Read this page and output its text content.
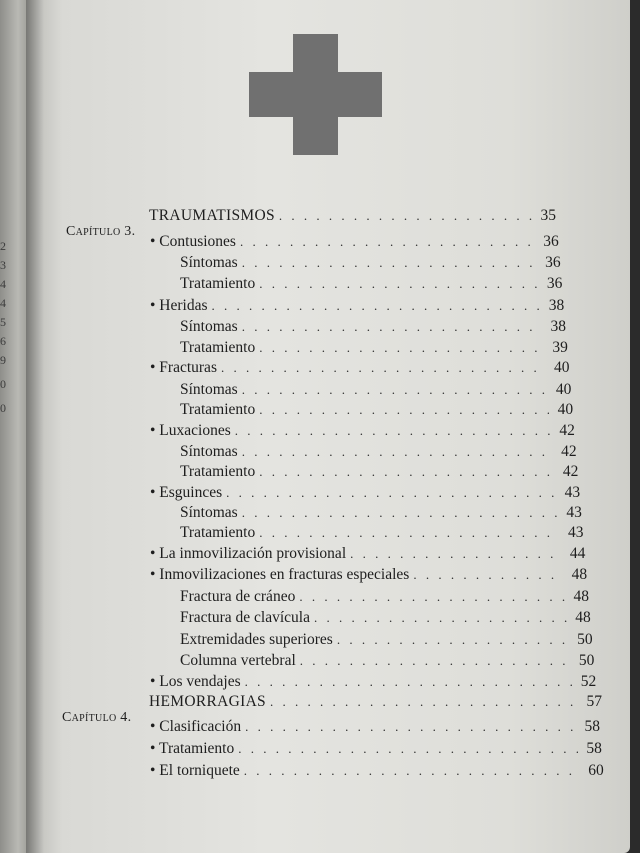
2
3
4
4
5
6
9
0
0
Capítulo 3.
TRAUMATISMOS . . .	35
• Contusiones . . .	36
Síntomas . . .	36
Tratamiento . . .	36
• Heridas . . .	38
Síntomas . . .	38
Tratamiento . . .	39
• Fracturas . . .	40
Síntomas . . .	40
Tratamiento . . .	40
• Luxaciones . . .	42
Síntomas . . .	42
Tratamiento . . .	42
• Esguinces . . .	43
Síntomas . . .	43
Tratamiento . . .	43
• La inmovilización provisional . . .	44
• Inmovilizaciones en fracturas especiales . . .	48
Fractura de cráneo . . .	48
Fractura de clavícula . . .	48
Extremidades superiores . . .	50
Columna vertebral . . .	50
• Los vendajes . . .	52
Capítulo 4.
HEMORRAGIAS . . .	57
• Clasificación . . .	58
• Tratamiento . . .	58
• El torniquete . . .	60
